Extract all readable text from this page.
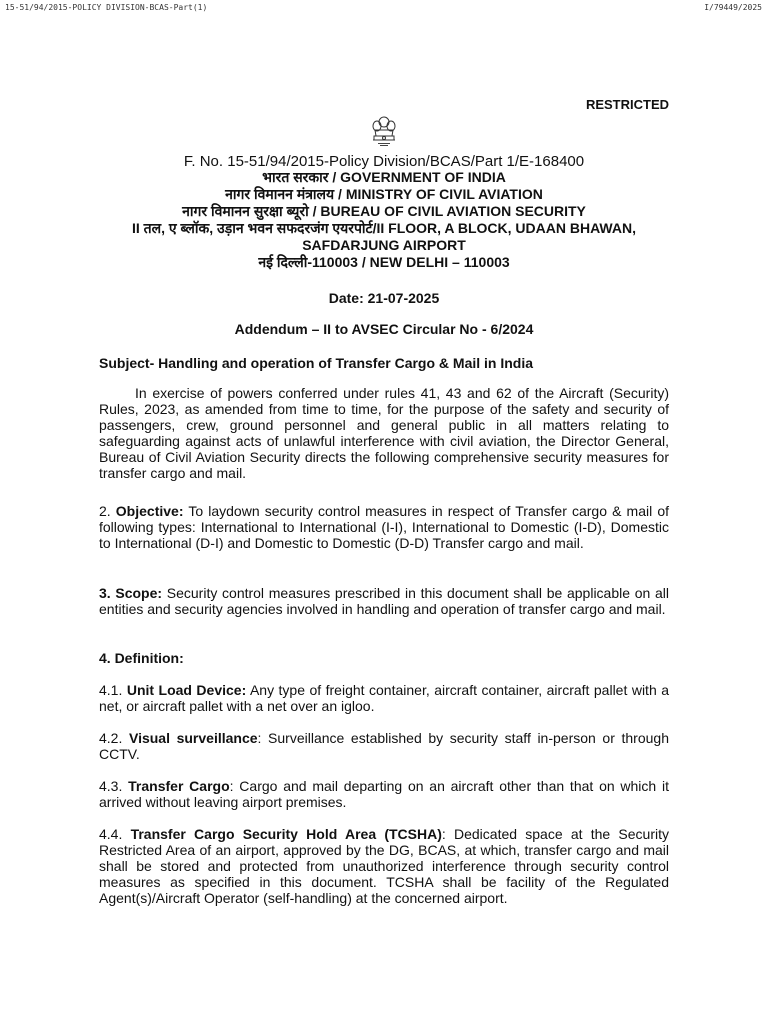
15-51/94/2015-POLICY DIVISION-BCAS-Part(1)	I/79449/2025
RESTRICTED
F. No. 15-51/94/2015-Policy Division/BCAS/Part 1/E-168400
भारत सरकार / GOVERNMENT OF INDIA
नागर विमानन मंत्रालय / MINISTRY OF CIVIL AVIATION
नागर विमानन सुरक्षा ब्यूरो / BUREAU OF CIVIL AVIATION SECURITY
II तल, ए ब्लॉक, उड़ान भवन सफदरजंग एयरपोर्ट/II FLOOR, A BLOCK, UDAAN BHAWAN,
SAFDARJUNG AIRPORT
नई दिल्ली-110003 / NEW DELHI – 110003
Date: 21-07-2025
Addendum – II to AVSEC Circular No - 6/2024
Subject- Handling and operation of Transfer Cargo & Mail in India
In exercise of powers conferred under rules 41, 43 and 62 of the Aircraft (Security) Rules, 2023, as amended from time to time, for the purpose of the safety and security of passengers, crew, ground personnel and general public in all matters relating to safeguarding against acts of unlawful interference with civil aviation, the Director General, Bureau of Civil Aviation Security directs the following comprehensive security measures for transfer cargo and mail.
2. Objective: To laydown security control measures in respect of Transfer cargo & mail of following types: International to International (I-I), International to Domestic (I-D), Domestic to International (D-I) and Domestic to Domestic (D-D) Transfer cargo and mail.
3. Scope: Security control measures prescribed in this document shall be applicable on all entities and security agencies involved in handling and operation of transfer cargo and mail.
4. Definition:
4.1. Unit Load Device: Any type of freight container, aircraft container, aircraft pallet with a net, or aircraft pallet with a net over an igloo.
4.2. Visual surveillance: Surveillance established by security staff in-person or through CCTV.
4.3. Transfer Cargo: Cargo and mail departing on an aircraft other than that on which it arrived without leaving airport premises.
4.4. Transfer Cargo Security Hold Area (TCSHA): Dedicated space at the Security Restricted Area of an airport, approved by the DG, BCAS, at which, transfer cargo and mail shall be stored and protected from unauthorized interference through security control measures as specified in this document. TCSHA shall be facility of the Regulated Agent(s)/Aircraft Operator (self-handling) at the concerned airport.
